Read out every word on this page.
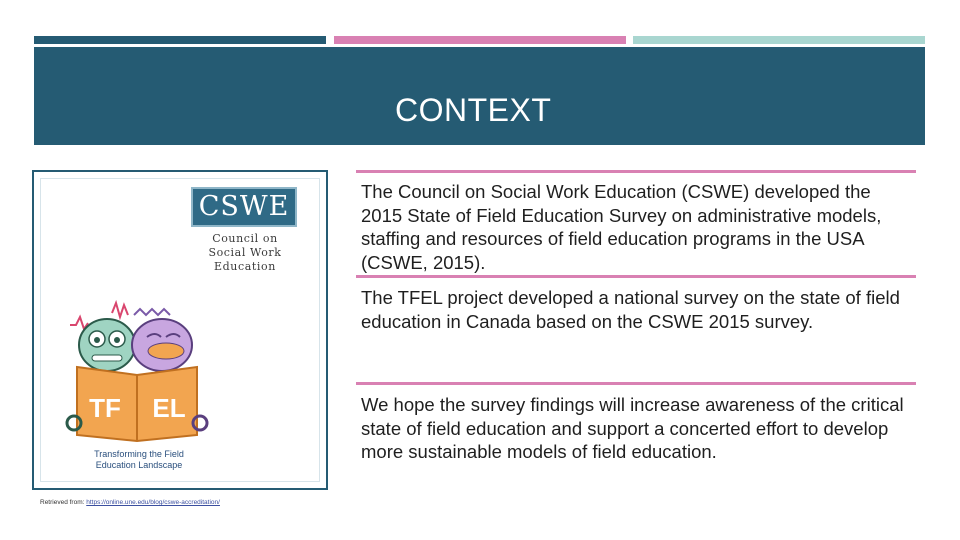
CONTEXT
CSWE
Council on
Social Work
Education
TF EL
Transforming the Field
Education Landscape
Retrieved from: https://online.une.edu/blog/cswe-accreditation/
The Council on Social Work Education (CSWE) developed the 2015 State of Field Education Survey on administrative models, staffing and resources of field education programs in the USA (CSWE, 2015).
The TFEL project developed a national survey on the state of field education in Canada based on the CSWE 2015 survey.
We hope the survey findings will increase awareness of the critical state of field education and support a concerted effort to develop more sustainable models of field education.
